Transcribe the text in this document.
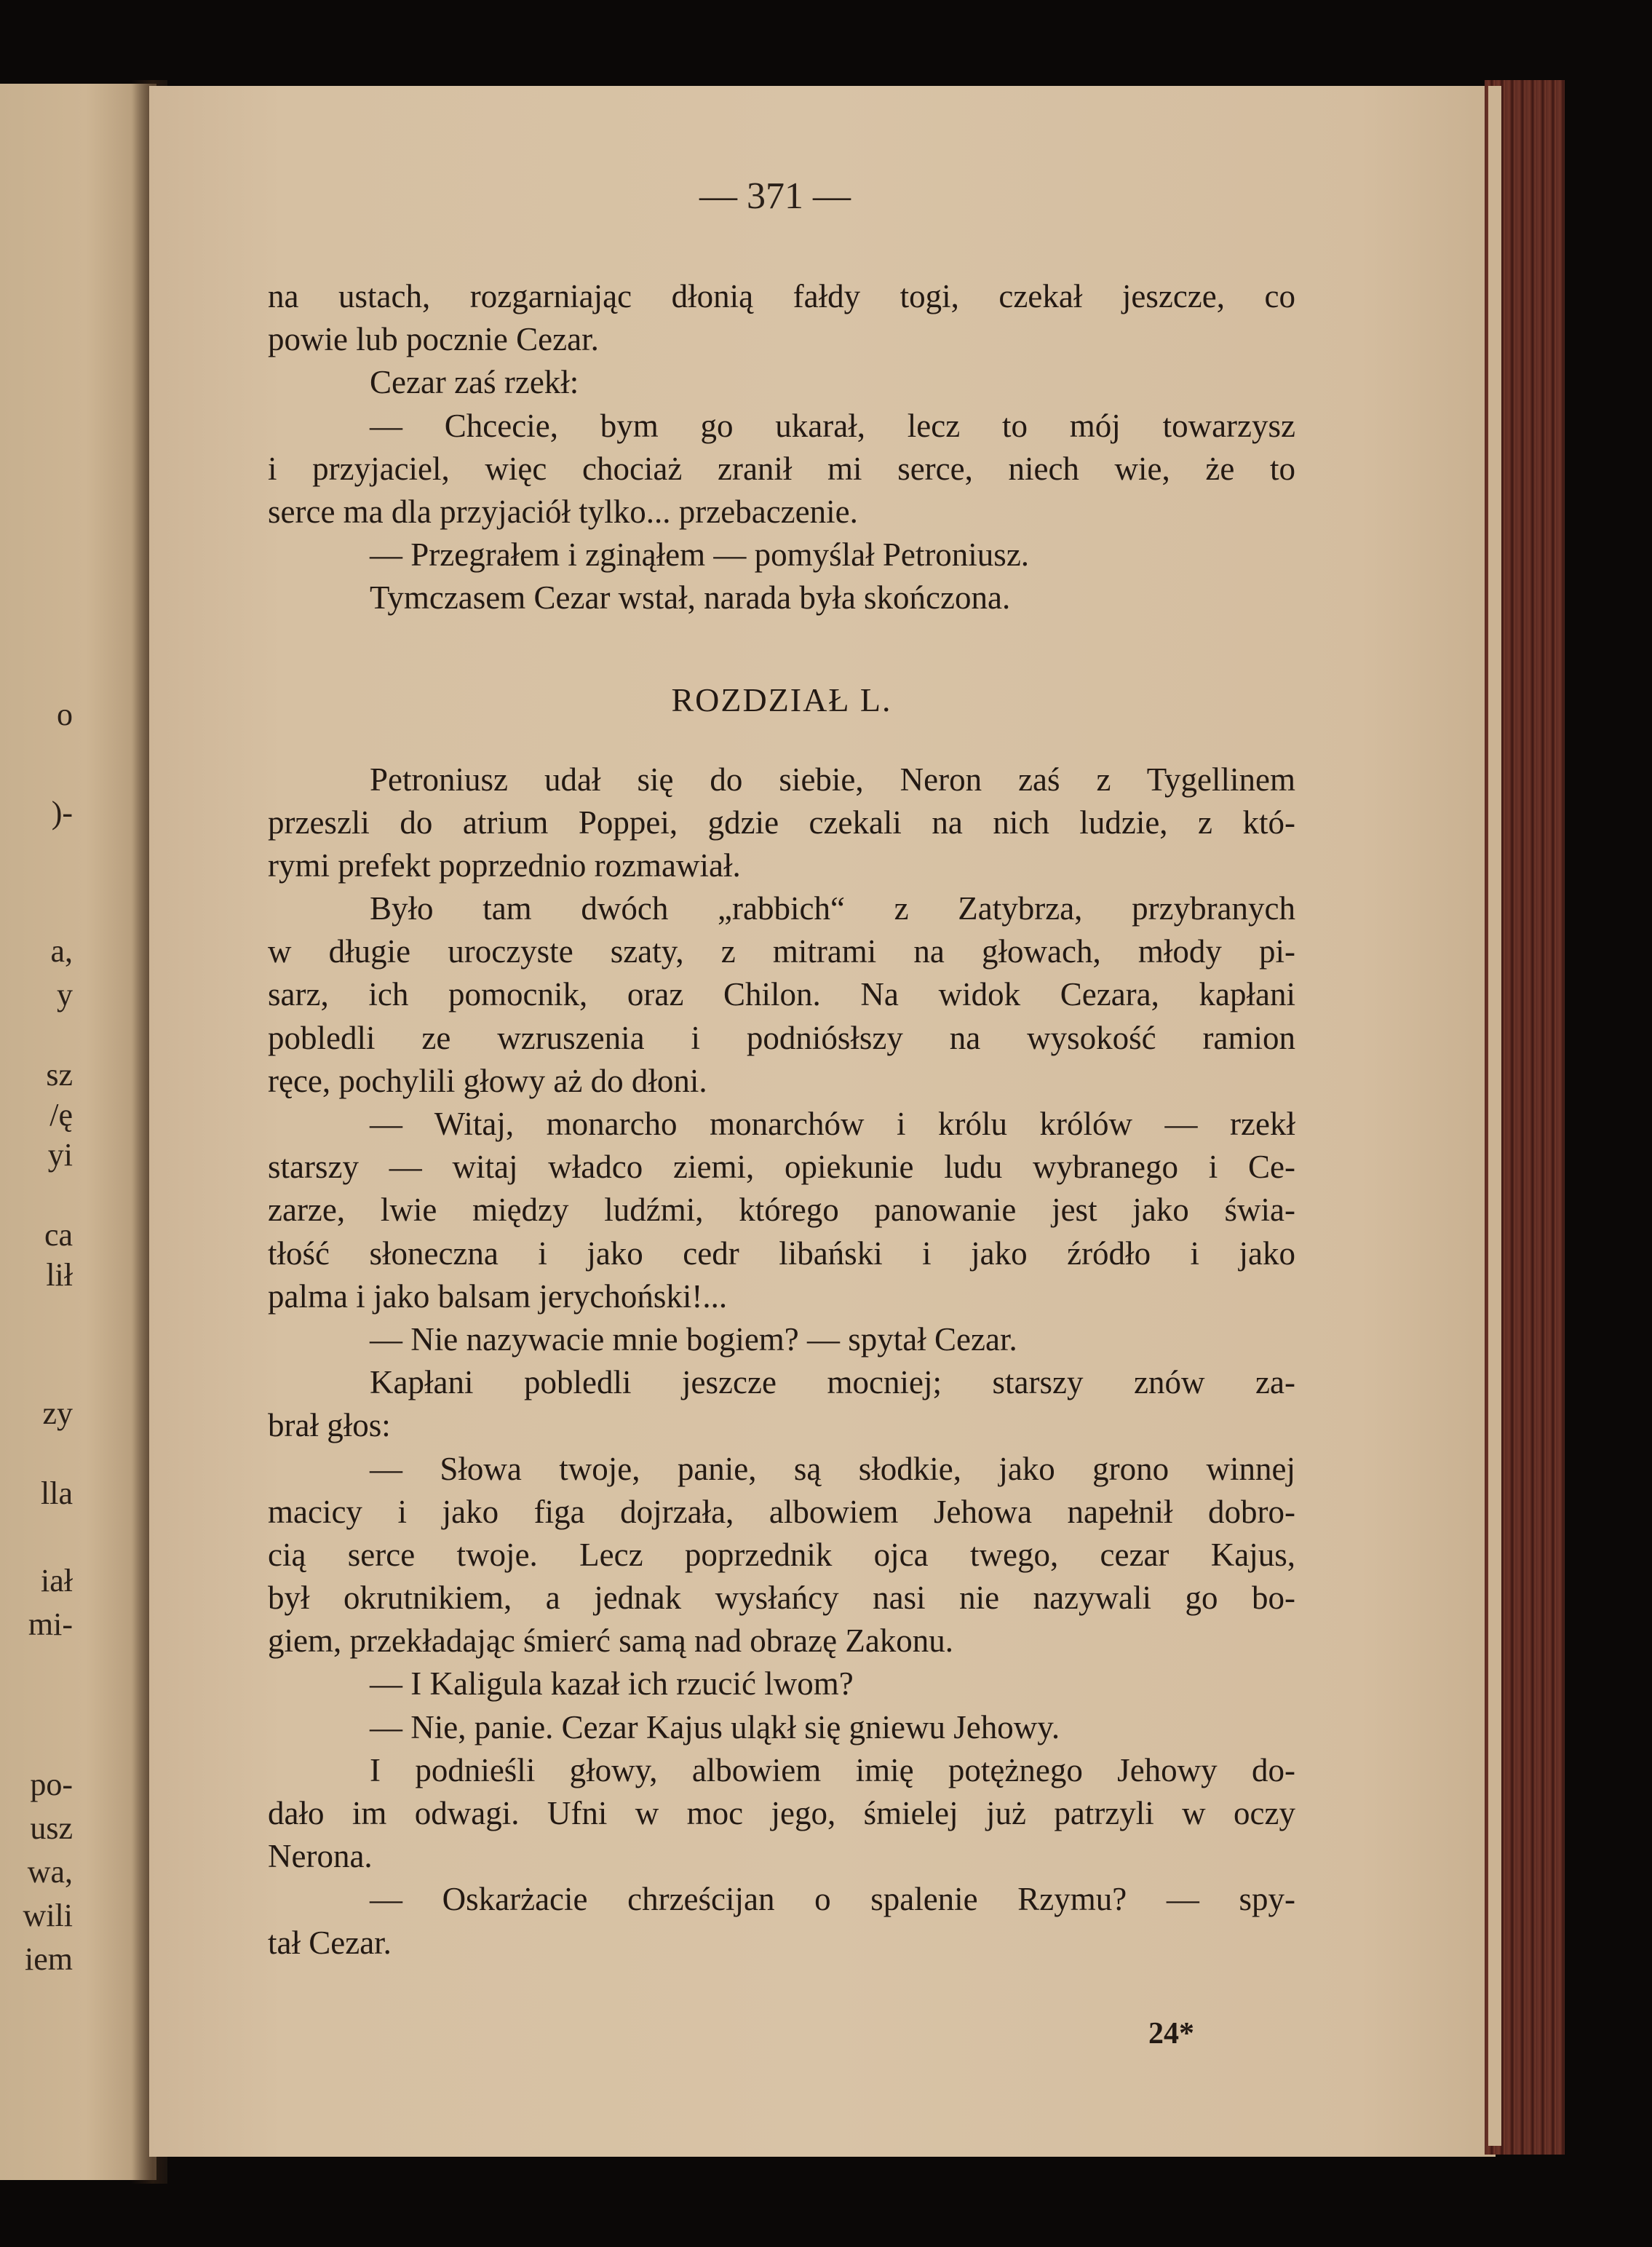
o
)-
a,
y
sz
/ę
yi
ca
lił
zy
lla
iał
mi-
po-
usz
wa,
wili
iem
— 371 —
na ustach, rozgarniając dłonią fałdy togi, czekał jeszcze, co
powie lub pocznie Cezar.
Cezar zaś rzekł:
— Chcecie, bym go ukarał, lecz to mój towarzysz
i przyjaciel, więc chociaż zranił mi serce, niech wie, że to
serce ma dla przyjaciół tylko... przebaczenie.
— Przegrałem i zginąłem — pomyślał Petroniusz.
Tymczasem Cezar wstał, narada była skończona.
ROZDZIAŁ L.
Petroniusz udał się do siebie, Neron zaś z Tygellinem
przeszli do atrium Poppei, gdzie czekali na nich ludzie, z któ-
rymi prefekt poprzednio rozmawiał.
Było tam dwóch „rabbich“ z Zatybrza, przybranych
w długie uroczyste szaty, z mitrami na głowach, młody pi-
sarz, ich pomocnik, oraz Chilon. Na widok Cezara, kapłani
pobledli ze wzruszenia i podniósłszy na wysokość ramion
ręce, pochylili głowy aż do dłoni.
— Witaj, monarcho monarchów i królu królów — rzekł
starszy — witaj władco ziemi, opiekunie ludu wybranego i Ce-
zarze, lwie między ludźmi, którego panowanie jest jako świa-
tłość słoneczna i jako cedr libański i jako źródło i jako
palma i jako balsam jerychoński!...
— Nie nazywacie mnie bogiem? — spytał Cezar.
Kapłani pobledli jeszcze mocniej; starszy znów za-
brał głos:
— Słowa twoje, panie, są słodkie, jako grono winnej
macicy i jako figa dojrzała, albowiem Jehowa napełnił dobro-
cią serce twoje. Lecz poprzednik ojca twego, cezar Kajus,
był okrutnikiem, a jednak wysłańcy nasi nie nazywali go bo-
giem, przekładając śmierć samą nad obrazę Zakonu.
— I Kaligula kazał ich rzucić lwom?
— Nie, panie. Cezar Kajus uląkł się gniewu Jehowy.
I podnieśli głowy, albowiem imię potężnego Jehowy do-
dało im odwagi. Ufni w moc jego, śmielej już patrzyli w oczy
Nerona.
— Oskarżacie chrześcijan o spalenie Rzymu? — spy-
tał Cezar.
24*
